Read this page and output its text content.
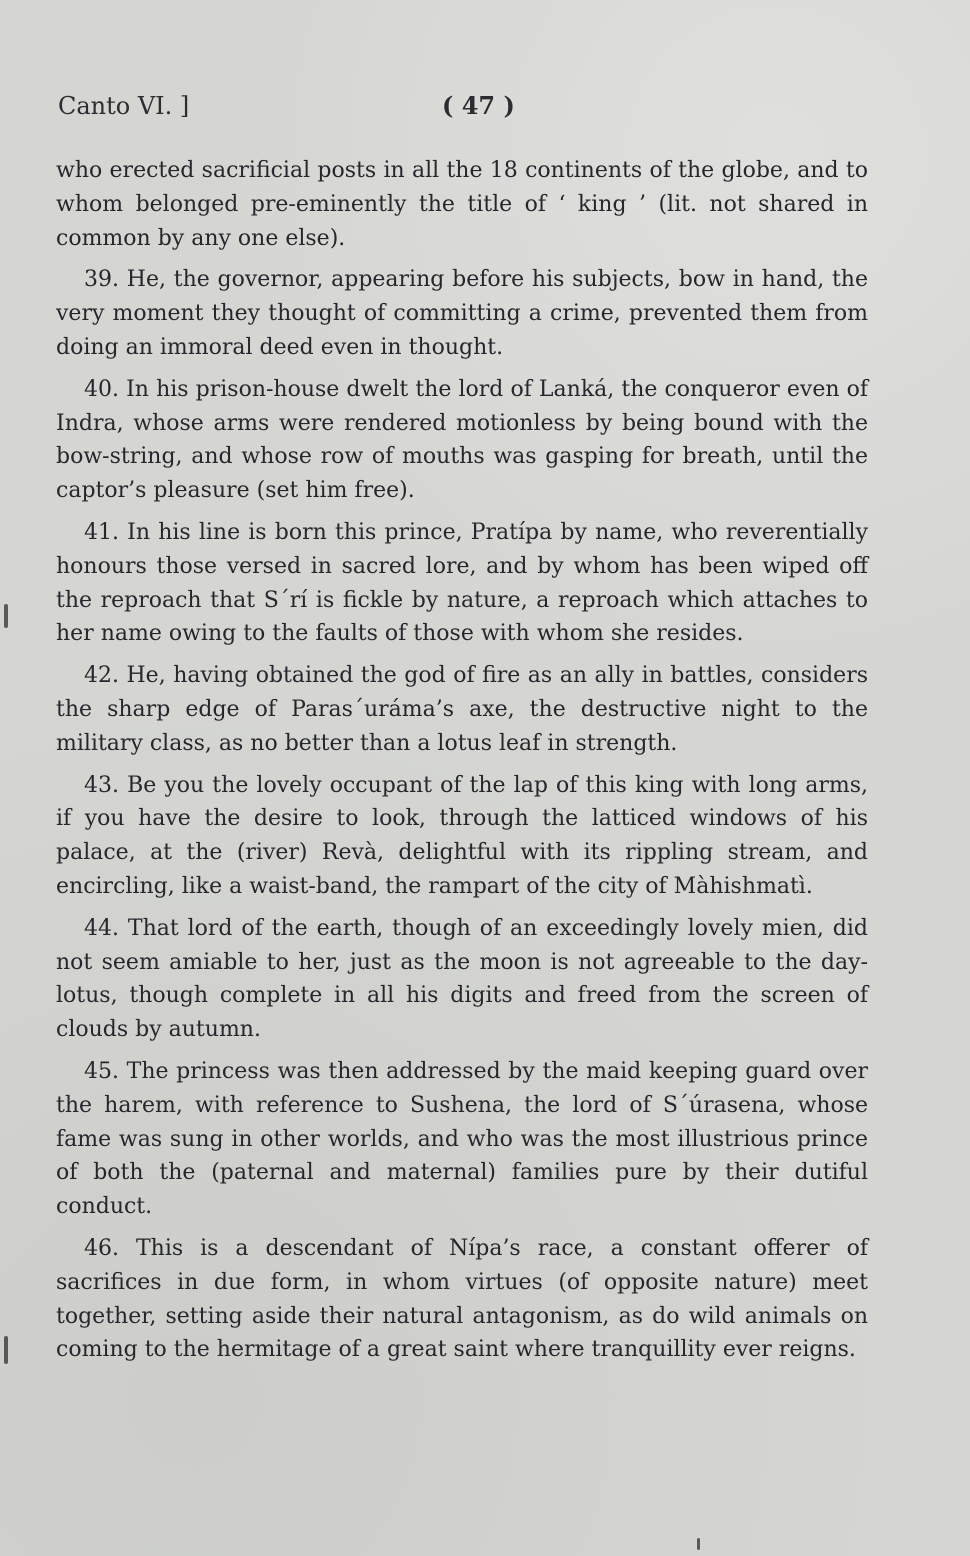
Canto VI. ]	( 47 )

who erected sacrificial posts in all the 18 continents of the globe, and to whom belonged pre-eminently the title of ‘ king ’ (lit. not shared in common by any one else).

39. He, the governor, appearing before his subjects, bow in hand, the very moment they thought of committing a crime, prevented them from doing an immoral deed even in thought.

40. In his prison-house dwelt the lord of Lanká, the conqueror even of Indra, whose arms were rendered motionless by being bound with the bow-string, and whose row of mouths was gasping for breath, until the captor’s pleasure (set him free).

41. In his line is born this prince, Pratípa by name, who reverentially honours those versed in sacred lore, and by whom has been wiped off the reproach that S´rí is fickle by nature, a reproach which attaches to her name owing to the faults of those with whom she resides.

42. He, having obtained the god of fire as an ally in battles, considers the sharp edge of Paras´uráma’s axe, the destructive night to the military class, as no better than a lotus leaf in strength.

43. Be you the lovely occupant of the lap of this king with long arms, if you have the desire to look, through the latticed windows of his palace, at the (river) Revà, delightful with its rippling stream, and encircling, like a waist-band, the rampart of the city of Màhishmatì.

44. That lord of the earth, though of an exceedingly lovely mien, did not seem amiable to her, just as the moon is not agreeable to the day-lotus, though complete in all his digits and freed from the screen of clouds by autumn.

45. The princess was then addressed by the maid keeping guard over the harem, with reference to Sushena, the lord of S´úrasena, whose fame was sung in other worlds, and who was the most illustrious prince of both the (paternal and maternal) families pure by their dutiful conduct.

46. This is a descendant of Nípa’s race, a constant offerer of sacrifices in due form, in whom virtues (of opposite nature) meet together, setting aside their natural antagonism, as do wild animals on coming to the hermitage of a great saint where tranquillity ever reigns.
